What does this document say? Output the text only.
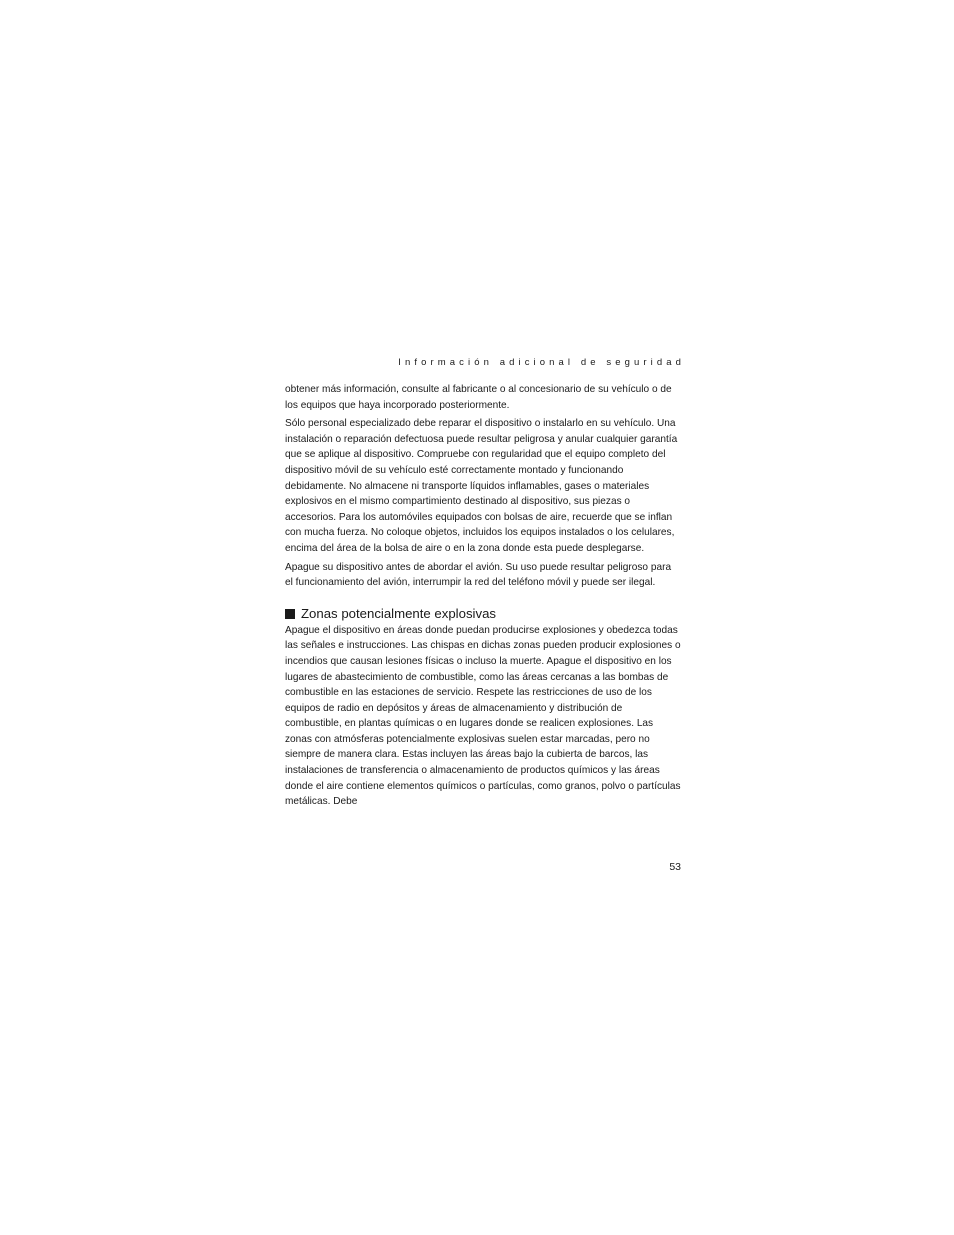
Información adicional de seguridad

obtener más información, consulte al fabricante o al concesionario de su vehículo o de los equipos que haya incorporado posteriormente.

Sólo personal especializado debe reparar el dispositivo o instalarlo en su vehículo. Una instalación o reparación defectuosa puede resultar peligrosa y anular cualquier garantía que se aplique al dispositivo. Compruebe con regularidad que el equipo completo del dispositivo móvil de su vehículo esté correctamente montado y funcionando debidamente. No almacene ni transporte líquidos inflamables, gases o materiales explosivos en el mismo compartimiento destinado al dispositivo, sus piezas o accesorios. Para los automóviles equipados con bolsas de aire, recuerde que se inflan con mucha fuerza. No coloque objetos, incluidos los equipos instalados o los celulares, encima del área de la bolsa de aire o en la zona donde esta puede desplegarse.

Apague su dispositivo antes de abordar el avión. Su uso puede resultar peligroso para el funcionamiento del avión, interrumpir la red del teléfono móvil y puede ser ilegal.

Zonas potencialmente explosivas

Apague el dispositivo en áreas donde puedan producirse explosiones y obedezca todas las señales e instrucciones. Las chispas en dichas zonas pueden producir explosiones o incendios que causan lesiones físicas o incluso la muerte. Apague el dispositivo en los lugares de abastecimiento de combustible, como las áreas cercanas a las bombas de combustible en las estaciones de servicio. Respete las restricciones de uso de los equipos de radio en depósitos y áreas de almacenamiento y distribución de combustible, en plantas químicas o en lugares donde se realicen explosiones. Las zonas con atmósferas potencialmente explosivas suelen estar marcadas, pero no siempre de manera clara. Estas incluyen las áreas bajo la cubierta de barcos, las instalaciones de transferencia o almacenamiento de productos químicos y las áreas donde el aire contiene elementos químicos o partículas, como granos, polvo o partículas metálicas. Debe

53
